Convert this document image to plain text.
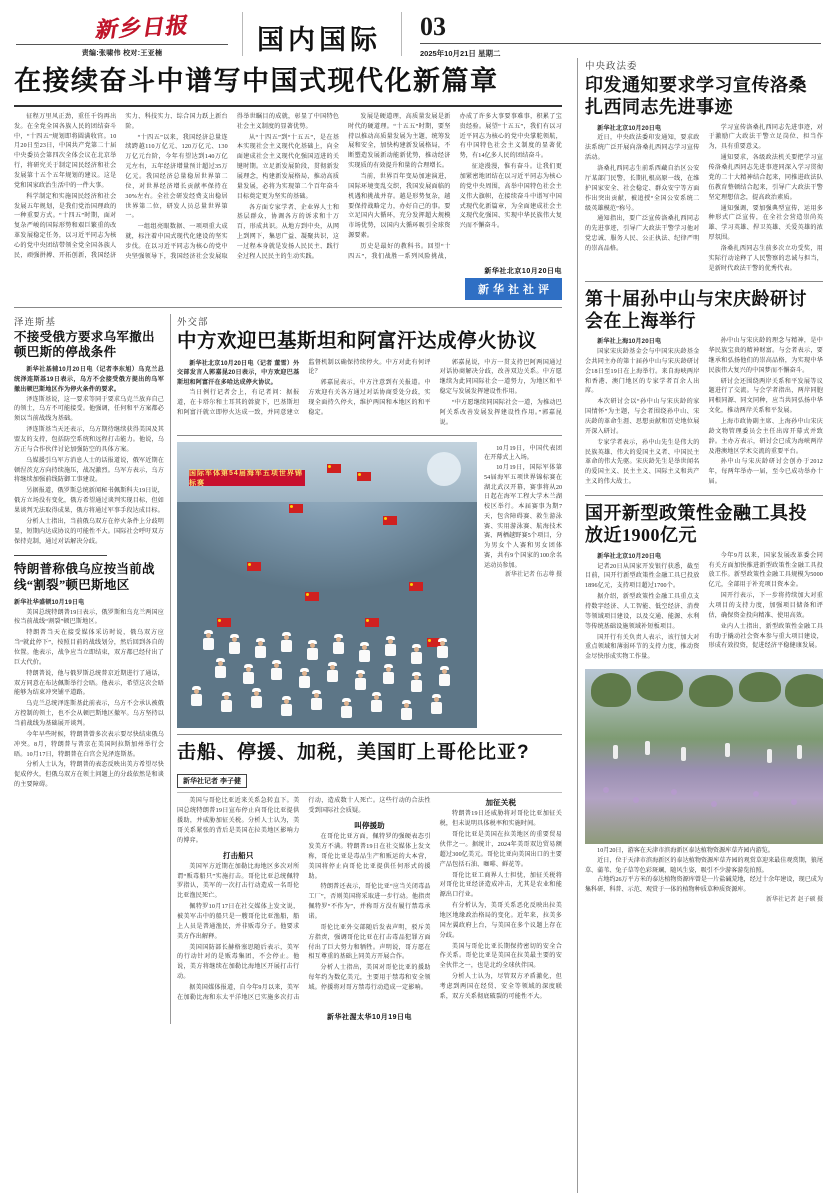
新乡日报
责编:张啸伟 校对:王亚楠	国内国际 03
2025年10月21日 星期二
在接续奋斗中谱写中国式现代化新篇章

征程万里风正劲，重任千钧再出发。在全党全国各族人民的团结奋斗中，“十四五”规划即将圆满收官。10月20日至23日，中国共产党第二十届中央委员会第四次全体会议在北京举行，将研究关于制定国民经济和社会发展第十五个五年规划的建议。这是党和国家政治生活中的一件大事。

科学制定和实施国民经济和社会发展五年规划，是我们党治国理政的一种重要方式。“十四五”时期，面对复杂严峻的国际形势和艰巨繁重的改革发展稳定任务，以习近平同志为核心的党中央团结带领全党全国各族人民，顽强拼搏、开拓创新，我国经济实力、科技实力、综合国力跃上新台阶。

“十四五”以来，我国经济总量连续跨越110万亿元、120万亿元、130万亿元台阶，今年有望达到140万亿元左右，五年经济增量预计超过35万亿元。我国经济总量稳居世界第二位，对世界经济增长贡献率保持在30%左右。全社会研发经费支出稳居世界第二位，研发人员总量世界第一。

一组组亮眼数据、一项项重大成就，标注着中国式现代化建设的坚实步伐。在以习近平同志为核心的党中央坚强领导下，我国经济社会发展取得举世瞩目的成就，彰显了中国特色社会主义制度的显著优势。

从“十四五”到“十五五”，是在基本实现社会主义现代化基础上，向全面建成社会主义现代化强国迈进的关键时期。立足新发展阶段，贯彻新发展理念，构建新发展格局，推动高质量发展，必将为实现第二个百年奋斗目标奠定更为坚实的基础。

各方面专家学者、企业界人士和基层群众，协调各方的诉求和十万百，形成共识。从地方到中央，从网上到网下，集思广益、凝聚共识，这一过程本身就是发扬人民民主、践行全过程人民民主的生动实践。

发展是硬道理，高质量发展是新时代的硬道理。“十五五”时期，要坚持以推动高质量发展为主题，统筹发展和安全，加快构建新发展格局，不断塑造发展新动能新优势，推动经济实现质的有效提升和量的合理增长。

当前，世界百年变局加速演进，国际环境变乱交织，我国发展面临的机遇和挑战并存。越是形势复杂，越要保持战略定力，办好自己的事。要立足国内大循环，充分发挥超大规模市场优势，以国内大循环吸引全球资源要素。

历史是最好的教科书。回望“十四五”，我们战胜一系列风险挑战，办成了许多大事要事难事，积累了宝贵经验。展望“十五五”，我们有以习近平同志为核心的党中央掌舵领航，有中国特色社会主义制度的显著优势，有14亿多人民的团结奋斗。

征途漫漫，惟有奋斗。让我们更加紧密地团结在以习近平同志为核心的党中央周围，高举中国特色社会主义伟大旗帜，在接续奋斗中谱写中国式现代化新篇章，为全面建成社会主义现代化强国、实现中华民族伟大复兴而不懈奋斗。

新华社北京10月20日电
新华社社评
泽连斯基
不接受俄方要求乌军撤出顿巴斯的停战条件

新华社基辅10月20日电（记者李东旭）乌克兰总统泽连斯基19日表示，乌方不会接受俄方提出的乌军撤出顿巴斯地区作为停火条件的要求。

泽连斯基说，这一要求等同于要求乌克兰放弃自己的领土，乌方不可能接受。他强调，任何和平方案都必须以当前战线为基础。

泽连斯基当天还表示，乌方期待继续获得美国及其盟友的支持，包括防空系统和远程打击能力。他说，乌方正与合作伙伴讨论加强防空的具体方案。

乌媒援引乌军方消息人士的话报道说，俄军近期在顿涅茨克方向持续施压，战况激烈。乌军方表示，乌方将继续加强前线防御工事建设。

另据报道，俄罗斯总统新闻秘书佩斯科夫19日说，俄方立场没有变化，俄方希望通过谈判实现目标，但如果谈判无法取得成果，俄方将通过军事手段达成目标。

分析人士指出，当前俄乌双方在停火条件上分歧明显，短期内达成协议的可能性不大。国际社会呼吁双方保持克制，通过对话解决分歧。

特朗普称俄乌应按当前战线“割裂”顿巴斯地区

新华社华盛顿10月19日电

美国总统特朗普19日表示，俄罗斯和乌克兰两国应按当前战线“割裂”顿巴斯地区。

特朗普当天在接受媒体采访时说，俄乌双方应当“就此停下”，按照目前的战线划分，然后回到各自的位置。他表示，战争应当立即结束，双方都已经付出了巨大代价。

特朗普说，他与俄罗斯总统普京近期进行了通话，双方同意在布达佩斯举行会晤。他表示，希望这次会晤能够为结束冲突铺平道路。

乌克兰总统泽连斯基此前表示，乌方不会承认被俄方控制的领土，也不会从顿巴斯地区撤军。乌方坚持以当前战线为基础展开谈判。

今年早些时候，特朗普曾多次表示要尽快结束俄乌冲突。8月，特朗普与普京在美国阿拉斯加州举行会晤。10月17日，特朗普在白宫会见泽连斯基。

分析人士认为，特朗普的表态反映出美方希望尽快促成停火，但俄乌双方在领土问题上的分歧依然是和谈的主要障碍。

外交部
中方欢迎巴基斯坦和阿富汗达成停火协议

新华社北京10月20日电（记者 董雪）外交部发言人郭嘉昆20日表示，中方欢迎巴基斯坦和阿富汗在多哈达成停火协议。

当日例行记者会上，有记者问：据报道，在卡塔尔和土耳其的斡旋下，巴基斯坦和阿富汗就立即停火达成一致，并同意建立监督机制以确保持续停火。中方对此有何评论？

郭嘉昆表示，中方注意到有关报道。中方欢迎有关各方通过对话协商妥处分歧，实现全面持久停火，维护两国和本地区的和平稳定。

郭嘉昆说，中方一贯支持巴阿两国通过对话协商解决分歧，改善双边关系。中方愿继续为此同国际社会一道努力，为地区和平稳定与发展发挥建设性作用。

“中方愿继续同国际社会一道，为推动巴阿关系改善发展发挥建设性作用。”郭嘉昆说。

国际军体第54届海军五项世界锦标赛

10月19日，中国代表团在开幕式上入场。

10月19日，国际军体第54届海军五项世界锦标赛在湖北武汉开幕，赛事将从20日起在海军工程大学木兰湖校区举行。本届赛事为期7天，包含障碍赛、救生游泳赛、实用游泳赛、航海技术赛、两栖越野赛5个项目，分为男女个人赛和男女团体赛，共有9个国家的100余名运动员参加。

新华社记者 伍志尊 摄

击船、停援、加税，美国盯上哥伦比亚?
新华社记者 李子健

美国与哥伦比亚近来关系急转直下。美国总统特朗普19日宣布停止向哥伦比亚提供援助，并威胁加征关税。分析人士认为，美哥关系紧张的背后是美国在拉美地区影响力的博弈。

打击船只

美国军方近期在加勒比海地区多次对所谓“贩毒船只”实施打击。哥伦比亚总统佩特罗指认，美军的一次打击行动造成一名哥伦比亚渔民死亡。

佩特罗10月17日在社交媒体上发文说，被美军击中的船只是一艘哥伦比亚渔船，船上人员是普通渔民，并非贩毒分子。他要求美方作出解释。

美国国防部长赫格塞思随后表示，美军的行动针对的是贩毒集团，不会停止。他说，美方将继续在加勒比海地区开展打击行动。

据美国媒体报道，自今年9月以来，美军在加勒比海和东太平洋地区已实施多次打击行动，造成数十人死亡。这些行动的合法性受到国际社会质疑。

叫停援助

在哥伦比亚方面，佩特罗的强硬表态引发美方不满。特朗普19日在社交媒体上发文称，哥伦比亚是毒品生产和贩运的大本营，美国将停止向哥伦比亚提供任何形式的援助。

特朗普还表示，哥伦比亚“应当关闭毒品工厂”，否则美国将采取进一步行动。他指责佩特罗“不作为”，并称哥方没有履行禁毒承诺。

哥伦比亚外交部随后发表声明，驳斥美方指责，强调哥伦比亚在打击毒品犯罪方面付出了巨大努力和牺牲。声明说，哥方愿在相互尊重的基础上同美方开展合作。

分析人士指出，美国对哥伦比亚的援助每年约为数亿美元，主要用于禁毒和安全领域。停援将对哥方禁毒行动造成一定影响。

加征关税

特朗普19日还威胁将对哥伦比亚加征关税，但未说明具体税率和实施时间。

哥伦比亚是美国在拉美地区的重要贸易伙伴之一。据统计，2024年美哥双边贸易额超过300亿美元。哥伦比亚向美国出口的主要产品包括石油、咖啡、鲜花等。

哥伦比亚工商界人士担忧，加征关税将对哥伦比亚经济造成冲击，尤其是农业和能源出口行业。

有分析认为，美哥关系恶化反映出拉美地区地缘政治格局的变化。近年来，拉美多国左翼政府上台，与美国在多个议题上存在分歧。

美国与哥伦比亚长期保持密切的安全合作关系。哥伦比亚是美国在拉美最主要的安全伙伴之一，也是北约全球伙伴国。

分析人士认为，尽管双方矛盾激化，但考虑到两国在经贸、安全等领域的深度联系，双方关系彻底破裂的可能性不大。

新华社渥太华10月19日电
中央政法委
印发通知要求学习宣传洛桑扎西同志先进事迹

新华社北京10月20日电

近日，中央政法委印发通知，要求政法系统广泛开展向洛桑扎西同志学习宣传活动。

洛桑扎西同志生前系西藏自治区公安厅某部门民警，长期扎根高原一线，在维护国家安全、社会稳定、群众安宁等方面作出突出贡献，被追授“全国公安系统二级英雄模范”称号。

通知指出，要广泛宣传洛桑扎西同志的先进事迹，引导广大政法干警学习他对党忠诚、服务人民、公正执法、纪律严明的崇高品格。

学习宣传洛桑扎西同志先进事迹，对于激励广大政法干警立足岗位、担当作为，具有重要意义。

通知要求，各级政法机关要把学习宣传洛桑扎西同志先进事迹同深入学习贯彻党的二十大精神结合起来，同推进政法队伍教育整顿结合起来，引导广大政法干警坚定理想信念，提高政治素质。

通知强调，要加强典型宣传，运用多种形式广泛宣传，在全社会营造崇尚英雄、学习英雄、捍卫英雄、关爱英雄的浓厚氛围。

洛桑扎西同志生前多次立功受奖，用实际行动诠释了人民警察的忠诚与担当，是新时代政法干警的优秀代表。

第十届孙中山与宋庆龄研讨会在上海举行

新华社上海10月20日电

国家宋庆龄基金会与中国宋庆龄基金会共同主办的第十届孙中山与宋庆龄研讨会18日至19日在上海举行。来自海峡两岸和香港、澳门地区的专家学者百余人出席。

本次研讨会以“孙中山与宋庆龄的家国情怀”为主题，与会者围绕孙中山、宋庆龄的革命生涯、思想贡献和历史地位展开深入研讨。

专家学者表示，孙中山先生是伟大的民族英雄、伟大的爱国主义者、中国民主革命的伟大先驱。宋庆龄先生是举世闻名的爱国主义、民主主义、国际主义和共产主义的伟大战士。

孙中山与宋庆龄的理念与精神，是中华民族宝贵的精神财富。与会者表示，要继承和弘扬他们的崇高品格，为实现中华民族伟大复兴的中国梦而不懈奋斗。

研讨会还围绕两岸关系和平发展等议题进行了交流。与会学者指出，两岸同胞同根同源、同文同种，应当共同弘扬中华文化，推动两岸关系和平发展。

上海市政协副主席、上海孙中山宋庆龄文物管理委员会主任出席开幕式并致辞。主办方表示，研讨会已成为海峡两岸及港澳地区学术交流的重要平台。

孙中山与宋庆龄研讨会创办于2012年，每两年举办一届，至今已成功举办十届。

国开新型政策性金融工具投放近1900亿元

新华社北京10月20日电

记者20日从国家开发银行获悉，截至目前，国开行新型政策性金融工具已投放1896亿元，支持项目超过1700个。

据介绍，新型政策性金融工具重点支持数字经济、人工智能、低空经济、消费等领域项目建设，以及交通、能源、水利等传统基础设施领域补短板项目。

国开行有关负责人表示，该行加大对重点领域和薄弱环节的支持力度，推动资金尽快形成实物工作量。

今年9月以来，国家发展改革委会同有关方面加快推进新型政策性金融工具投放工作。新型政策性金融工具规模为5000亿元，全部用于补充项目资本金。

国开行表示，下一步将持续加大对重大项目的支持力度，加强项目储备和评估，确保资金投向精准、使用高效。

业内人士指出，新型政策性金融工具有助于撬动社会资本参与重大项目建设，形成有效投资，促进经济平稳健康发展。

10月20日，游客在天津市滨海新区泰达植物资源库草卉园内游览。

近日，位于天津市滨海新区的泰达植物资源库草卉园的观赏草迎来最佳观赏期，狼尾草、蒲苇、兔子草等色彩斑斓，随风生姿，吸引不少游客游览拍照。

占地约26万平方米的泰达植物资源库曾是一片盐碱荒地，经过十余年建设，现已成为集科研、科普、示范、观赏于一体的植物种质草种质资源库。

新华社记者 赵子硕 摄
